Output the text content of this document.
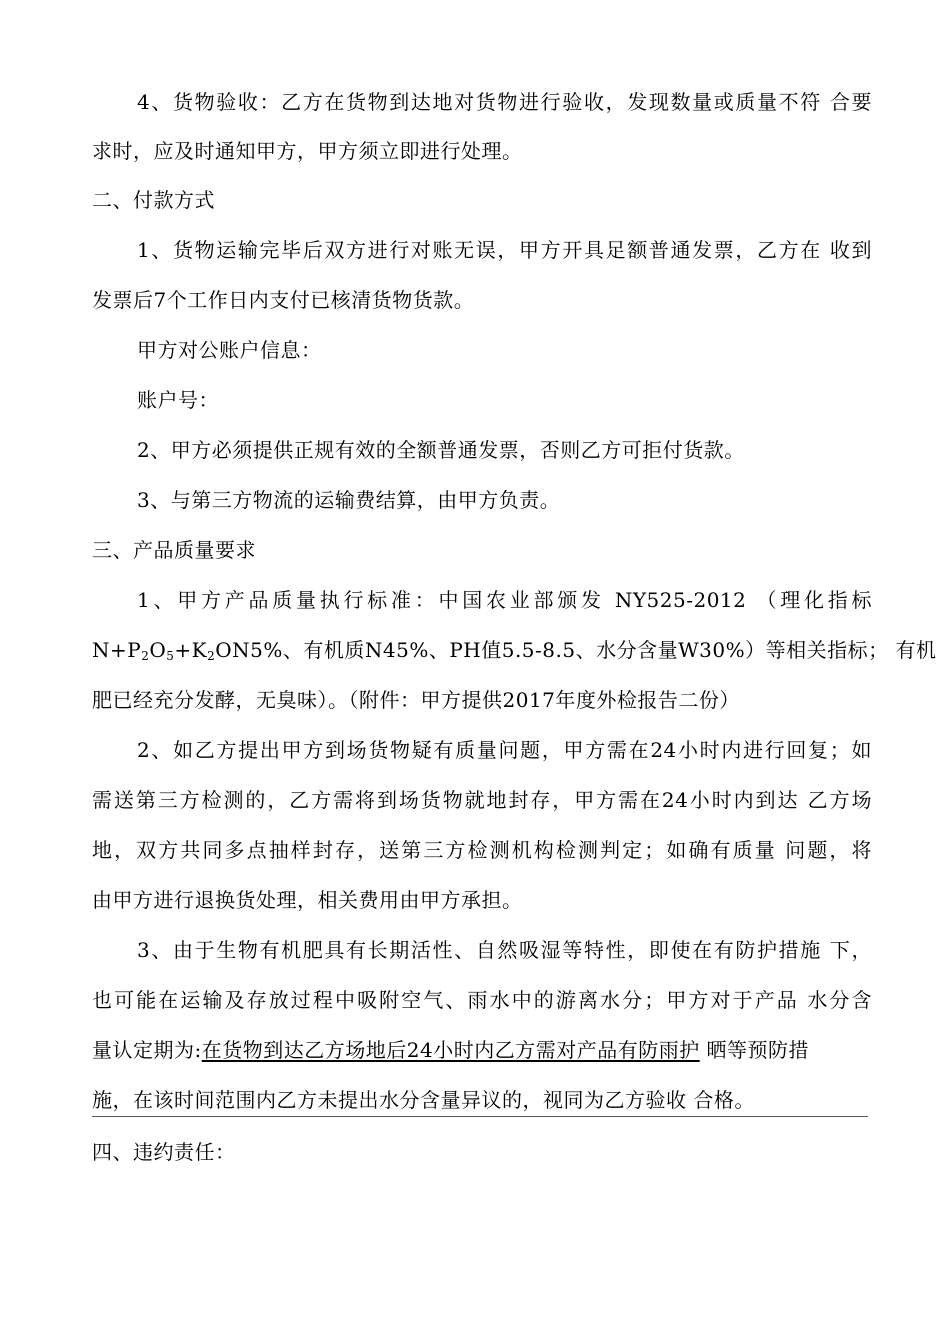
4、货物验收：乙方在货物到达地对货物进行验收，发现数量或质量不符 合要
求时，应及时通知甲方，甲方须立即进行处理。
二、付款方式
1、货物运输完毕后双方进行对账无误，甲方开具足额普通发票，乙方在 收到
发票后7个工作日内支付已核清货物货款。
甲方对公账户信息：
账户号：
2、甲方必须提供正规有效的全额普通发票，否则乙方可拒付货款。
3、与第三方物流的运输费结算，由甲方负责。
三、产品质量要求
1、甲方产品质量执行标准：中国农业部颁发 NY525-2012 （理化指标
$N+P_2O_5+K_2ON5\%$、有机质N45%、PH值5.5-8.5、水分含量W30%）等相关指标； 有机
肥已经充分发酵，无臭味）。（附件：甲方提供2017年度外检报告二份）
2、如乙方提出甲方到场货物疑有质量问题，甲方需在24小时内进行回复；如
需送第三方检测的，乙方需将到场货物就地封存，甲方需在24小时内到达 乙方场
地，双方共同多点抽样封存，送第三方检测机构检测判定；如确有质量 问题，将
由甲方进行退换货处理，相关费用由甲方承担。
3、由于生物有机肥具有长期活性、自然吸湿等特性，即使在有防护措施 下，
也可能在运输及存放过程中吸附空气、雨水中的游离水分；甲方对于产品 水分含
量认定期为:在货物到达乙方场地后24小时内乙方需对产品有防雨护 晒等预防措
施，在该时间范围内乙方未提出水分含量异议的，视同为乙方验收 合格。
四、违约责任：
